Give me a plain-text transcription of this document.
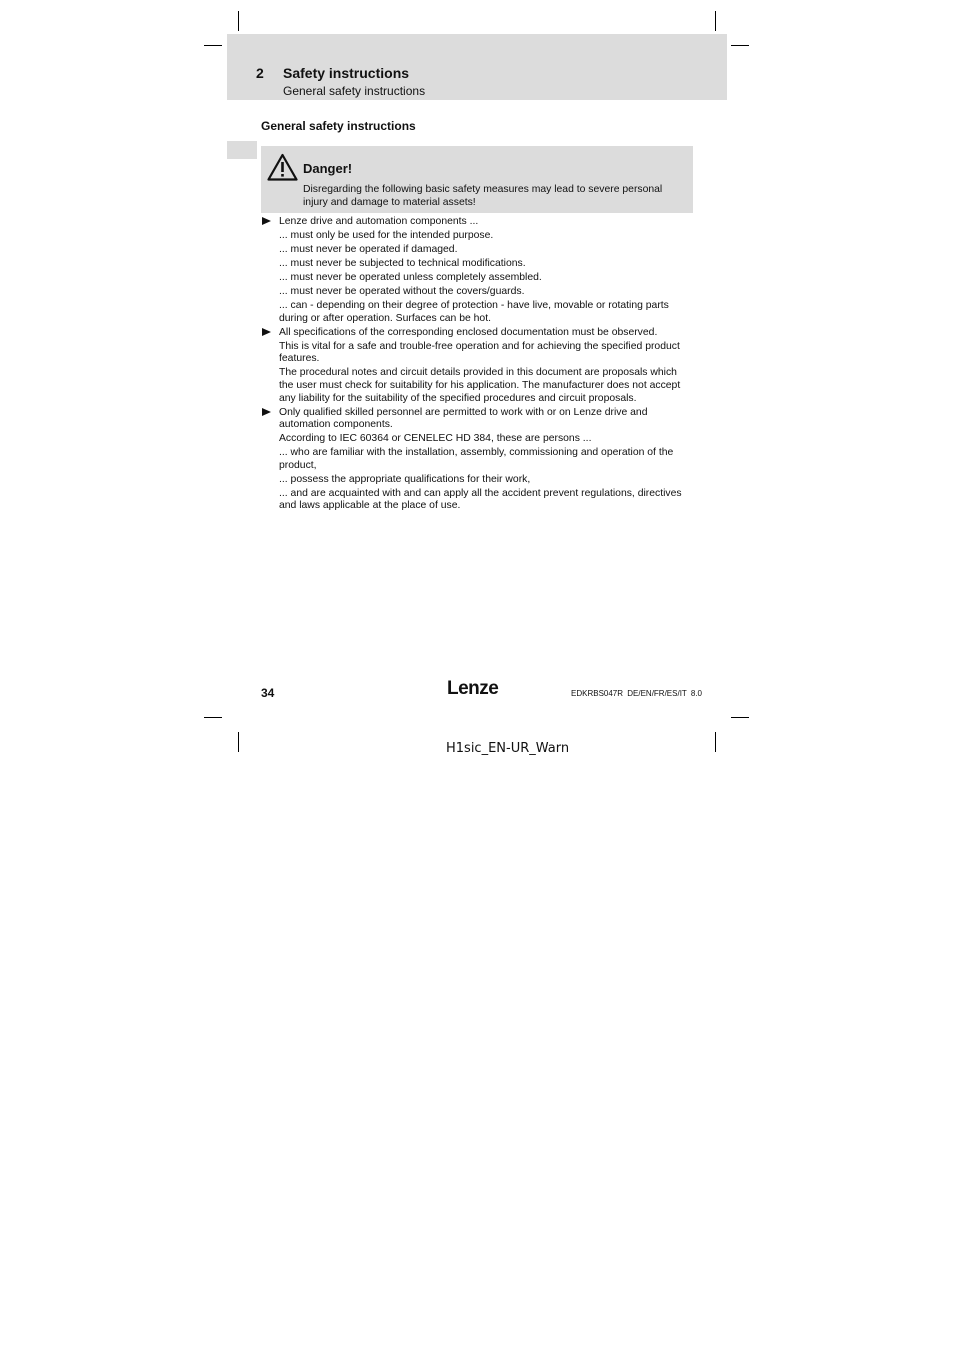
2 Safety instructions
General safety instructions
General safety instructions
Danger!
Disregarding the following basic safety measures may lead to severe personal injury and damage to material assets!
Lenze drive and automation components ...
... must only be used for the intended purpose.
... must never be operated if damaged.
... must never be subjected to technical modifications.
... must never be operated unless completely assembled.
... must never be operated without the covers/guards.
... can - depending on their degree of protection - have live, movable or rotating parts during or after operation. Surfaces can be hot.
All specifications of the corresponding enclosed documentation must be observed.
This is vital for a safe and trouble-free operation and for achieving the specified product features.
The procedural notes and circuit details provided in this document are proposals which the user must check for suitability for his application. The manufacturer does not accept any liability for the suitability of the specified procedures and circuit proposals.
Only qualified skilled personnel are permitted to work with or on Lenze drive and automation components.
According to IEC 60364 or CENELEC HD 384, these are persons ...
... who are familiar with the installation, assembly, commissioning and operation of the product,
... possess the appropriate qualifications for their work,
... and are acquainted with and can apply all the accident prevent regulations, directives and laws applicable at the place of use.
34	Lenze	EDKRBS047R DE/EN/FR/ES/IT 8.0
H1sic_EN-UR_Warn
